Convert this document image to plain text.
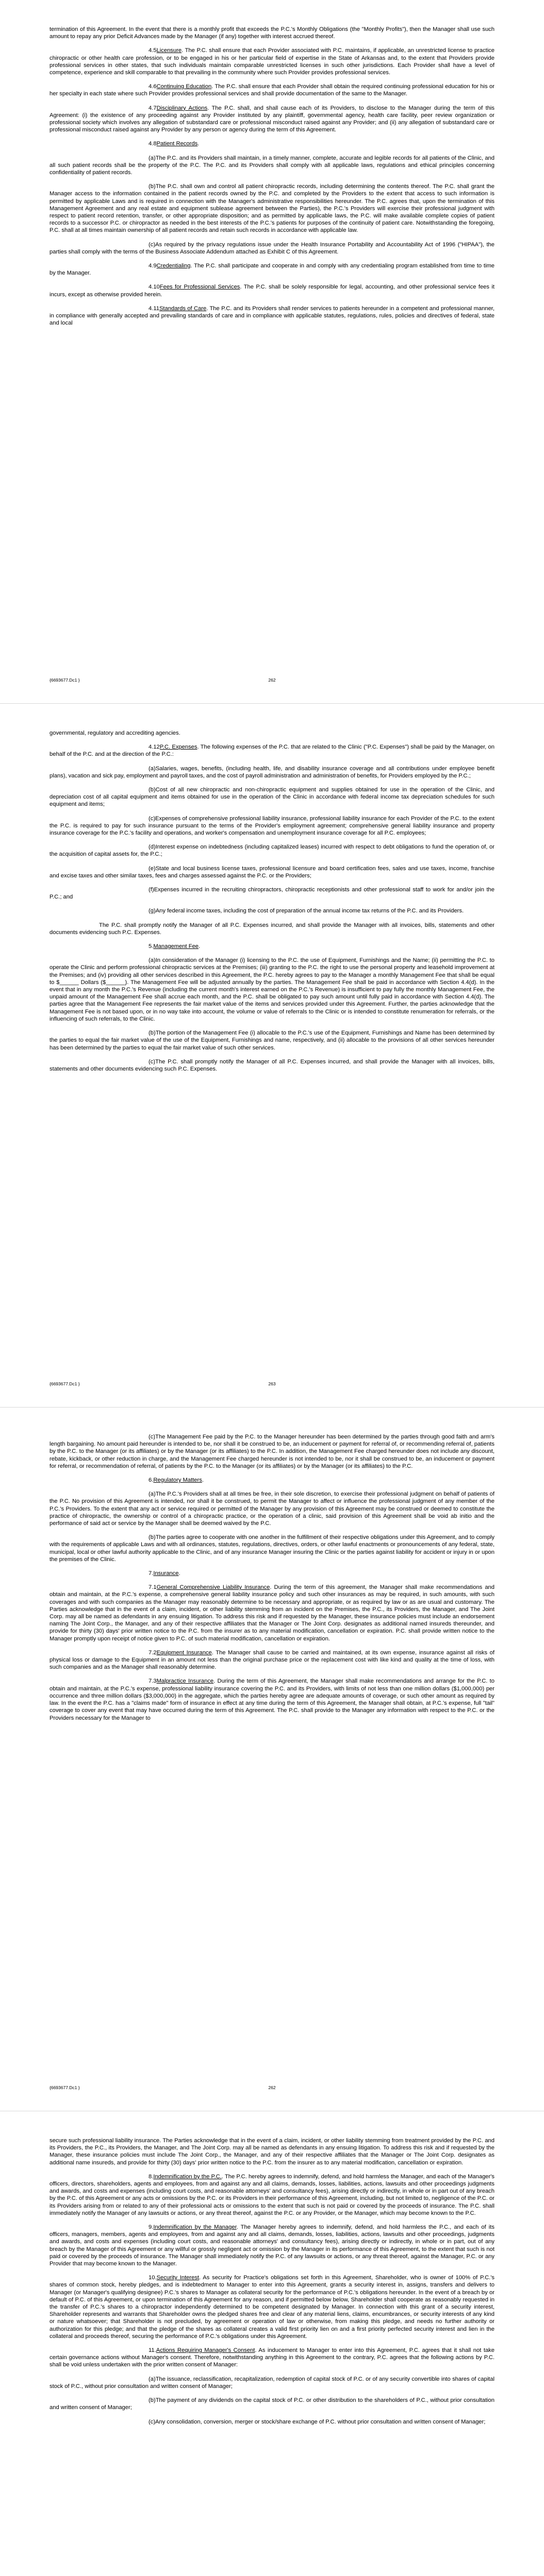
termination of this Agreement. In the event that there is a monthly profit that exceeds the P.C.'s Monthly Obligations (the "Monthly Profits"), then the Manager shall use such amount to repay any prior Deficit Advances made by the Manager (if any) together with interest accrued thereof.

4.5Licensure. The P.C. shall ensure that each Provider associated with P.C. maintains, if applicable, an unrestricted license to practice chiropractic or other health care profession, or to be engaged in his or her particular field of expertise in the State of Arkansas and, to the extent that Providers provide professional services in other states, that such individuals maintain comparable unrestricted licenses in such other jurisdictions. Each Provider shall have a level of competence, experience and skill comparable to that prevailing in the community where such Provider provides professional services.

4.6Continuing Education. The P.C. shall ensure that each Provider shall obtain the required continuing professional education for his or her specialty in each state where such Provider provides professional services and shall provide documentation of the same to the Manager.

4.7Disciplinary Actions. The P.C. shall, and shall cause each of its Providers, to disclose to the Manager during the term of this Agreement: (i) the existence of any proceeding against any Provider instituted by any plaintiff, governmental agency, health care facility, peer review organization or professional society which involves any allegation of substandard care or professional misconduct raised against any Provider; and (ii) any allegation of substandard care or professional misconduct raised against any Provider by any person or agency during the term of this Agreement.

4.8Patient Records.

(a)The P.C. and its Providers shall maintain, in a timely manner, complete, accurate and legible records for all patients of the Clinic, and all such patient records shall be the property of the P.C. The P.C. and its Providers shall comply with all applicable laws, regulations and ethical principles concerning confidentiality of patient records.

(b)The P.C. shall own and control all patient chiropractic records, including determining the contents thereof. The P.C. shall grant the Manager access to the information contained in the patient records owned by the P.C. and completed by the Providers to the extent that access to such information is permitted by applicable Laws and is required in connection with the Manager's administrative responsibilities hereunder. The P.C. agrees that, upon the termination of this Management Agreement and any real estate and equipment sublease agreement between the Parties), the P.C.'s Providers will exercise their professional judgment with respect to patient record retention, transfer, or other appropriate disposition; and as permitted by applicable laws, the P.C. will make available complete copies of patient records to a successor P.C. or chiropractor as needed in the best interests of the P.C.'s patients for purposes of the continuity of patient care. Notwithstanding the foregoing, P.C. shall at all times maintain ownership of all patient records and retain such records in accordance with applicable law.

(c)As required by the privacy regulations issue under the Health Insurance Portability and Accountability Act of 1996 ("HIPAA"), the parties shall comply with the terms of the Business Associate Addendum attached as Exhibit C of this Agreement.

4.9Credentialing. The P.C. shall participate and cooperate in and comply with any credentialing program established from time to time by the Manager.

4.10Fees for Professional Services. The P.C. shall be solely responsible for legal, accounting, and other professional service fees it incurs, except as otherwise provided herein.

4.11Standards of Care. The P.C. and its Providers shall render services to patients hereunder in a competent and professional manner, in compliance with generally accepted and prevailing standards of care and in compliance with applicable statutes, regulations, rules, policies and directives of federal, state and local

{6693677.Dc1 }	262

governmental, regulatory and accrediting agencies.

4.12P.C. Expenses. The following expenses of the P.C. that are related to the Clinic ("P.C. Expenses") shall be paid by the Manager, on behalf of the P.C. and at the direction of the P.C.:

(a)Salaries, wages, benefits, (including health, life, and disability insurance coverage and all contributions under employee benefit plans), vacation and sick pay, employment and payroll taxes, and the cost of payroll administration and administration of benefits, for Providers employed by the P.C.;

(b)Cost of all new chiropractic and non-chiropractic equipment and supplies obtained for use in the operation of the Clinic, and depreciation cost of all capital equipment and items obtained for use in the operation of the Clinic in accordance with federal income tax depreciation schedules for such equipment and items;

(c)Expenses of comprehensive professional liability insurance, professional liability insurance for each Provider of the P.C. to the extent the P.C. is required to pay for such insurance pursuant to the terms of the Provider's employment agreement; comprehensive general liability insurance and property insurance coverage for the P.C.'s facility and operations, and worker's compensation and unemployment insurance coverage for all P.C. employees;

(d)Interest expense on indebtedness (including capitalized leases) incurred with respect to debt obligations to fund the operation of, or the acquisition of capital assets for, the P.C.;

(e)State and local business license taxes, professional licensure and board certification fees, sales and use taxes, income, franchise and excise taxes and other similar taxes, fees and charges assessed against the P.C. or the Providers;

(f)Expenses incurred in the recruiting chiropractors, chiropractic receptionists and other professional staff to work for and/or join the P.C.; and

(g)Any federal income taxes, including the cost of preparation of the annual income tax returns of the P.C. and its Providers.

The P.C. shall promptly notify the Manager of all P.C. Expenses incurred, and shall provide the Manager with all invoices, bills, statements and other documents evidencing such P.C. Expenses.

5.Management Fee.

(a)In consideration of the Manager (i) licensing to the P.C. the use of Equipment, Furnishings and the Name; (ii) permitting the P.C. to operate the Clinic and perform professional chiropractic services at the Premises; (iii) granting to the P.C. the right to use the personal property and leasehold improvement at the Premises; and (iv) providing all other services described in this Agreement, the P.C. hereby agrees to pay to the Manager a monthly Management Fee that shall be equal to $______ Dollars ($______). The Management Fee will be adjusted annually by the parties. The Management Fee shall be paid in accordance with Section 4.4(d). In the event that in any month the P.C.'s Revenue (including the current month's interest earned on the P.C.'s Revenue) is insufficient to pay fully the monthly Management Fee, the unpaid amount of the Management Fee shall accrue each month, and the P.C. shall be obligated to pay such amount until fully paid in accordance with Section 4.4(d). The parties agree that the Management Fee represents the fair market value of the items and services provided under this Agreement. Further, the parties acknowledge that the Management Fee is not based upon, or in no way take into account, the volume or value of referrals to the Clinic or is intended to constitute renumeration for referrals, or the influencing of such referrals, to the Clinic.

(b)The portion of the Management Fee (i) allocable to the P.C.'s use of the Equipment, Furnishings and Name has been determined by the parties to equal the fair market value of the use of the Equipment, Furnishings and name, respectively, and (ii) allocable to the provisions of all other services hereunder has been determined by the parties to equal the fair market value of such other services.

(c)The P.C. shall promptly notify the Manager of all P.C. Expenses incurred, and shall provide the Manager with all invoices, bills, statements and other documents evidencing such P.C. Expenses.

{6693677.Dc1 }	263

(c)The Management Fee paid by the P.C. to the Manager hereunder has been determined by the parties through good faith and arm's length bargaining. No amount paid hereunder is intended to be, nor shall it be construed to be, an inducement or payment for referral of, or recommending referral of, patients by the P.C. to the Manager (or its affiliates) or by the Manager (or its affiliates) to the P.C. In addition, the Management Fee charged hereunder does not include any discount, rebate, kickback, or other reduction in charge, and the Management Fee charged hereunder is not intended to be, nor it shall be construed to be, an inducement or payment for referral, or recommendation of referral, of patients by the P.C. to the Manager (or its affiliates) or by the Manager (or its affiliates) to the P.C.

6.Regulatory Matters.

(a)The P.C.'s Providers shall at all times be free, in their sole discretion, to exercise their professional judgment on behalf of patients of the P.C. No provision of this Agreement is intended, nor shall it be construed, to permit the Manager to affect or influence the professional judgment of any member of the P.C.'s Providers. To the extent that any act or service required or permitted of the Manager by any provision of this Agreement may be construed or deemed to constitute the practice of chiropractic, the ownership or control of a chiropractic practice, or the operation of a clinic, said provision of this Agreement shall be void ab initio and the performance of said act or service by the Manager shall be deemed waived by the P.C.

(b)The parties agree to cooperate with one another in the fulfillment of their respective obligations under this Agreement, and to comply with the requirements of applicable Laws and with all ordinances, statutes, regulations, directives, orders, or other lawful enactments or pronouncements of any federal, state, municipal, local or other lawful authority applicable to the Clinic, and of any insurance Manager insuring the Clinic or the parties against liability for accident or injury in or upon the premises of the Clinic.

7.Insurance.

7.1General Comprehensive Liability Insurance. During the term of this agreement, the Manager shall make recommendations and obtain and maintain, at the P.C.'s expense, a comprehensive general liability insurance policy and such other insurances as may be required, in such amounts, with such coverages and with such companies as the Manager may reasonably determine to be necessary and appropriate, or as required by law or as are usual and customary. The Parties acknowledge that in the event of a claim, incident, or other liability stemming from an incident on the Premises, the P.C., its Providers, the Manager, and The Joint Corp. may all be named as defendants in any ensuing litigation. To address this risk and if requested by the Manager, these insurance policies must include an endorsement naming The Joint Corp., the Manager, and any of their respective affiliates that the Manager or The Joint Corp. designates as additional named insureds thereunder, and provide for thirty (30) days' prior written notice to the P.C. from the insurer as to any material modification, cancellation or expiration. P.C. shall provide written notice to the Manager promptly upon receipt of notice given to P.C. of such material modification, cancellation or expiration.

7.2Equipment Insurance. The Manager shall cause to be carried and maintained, at its own expense, insurance against all risks of physical loss or damage to the Equipment in an amount not less than the original purchase price or the replacement cost with like kind and quality at the time of loss, with such companies and as the Manager shall reasonably determine.

7.3Malpractice Insurance. During the term of this Agreement, the Manager shall make recommendations and arrange for the P.C. to obtain and maintain, at the P.C.'s expense, professional liability insurance covering the P.C. and its Providers, with limits of not less than one million dollars ($1,000,000) per occurrence and three million dollars ($3,000,000) in the aggregate, which the parties hereby agree are adequate amounts of coverage, or such other amount as required by law. In the event the P.C. has a "claims made" form of insurance in effect at any time during the term of this Agreement, the Manager shall obtain, at P.C.'s expense, full "tail" coverage to cover any event that may have occurred during the term of this Agreement. The P.C. shall provide to the Manager any information with respect to the P.C. or the Providers necessary for the Manager to

{6693677.Dc1 }	262

secure such professional liability insurance. The Parties acknowledge that in the event of a claim, incident, or other liability stemming from treatment provided by the P.C. and its Providers, the P.C., its Providers, the Manager, and The Joint Corp. may all be named as defendants in any ensuing litigation. To address this risk and if requested by the Manager, these insurance policies must include The Joint Corp., the Manager, and any of their respective affiliates that the Manager or The Joint Corp. designates as additional name insureds, and provide for thirty (30) days' prior written notice to the P.C. from the insurer as to any material modification, cancellation or expiration.

8.Indemnification by the P.C.. The P.C. hereby agrees to indemnify, defend, and hold harmless the Manager, and each of the Manager's officers, directors, shareholders, agents and employees, from and against any and all claims, demands, losses, liabilities, actions, lawsuits and other proceedings judgments and awards, and costs and expenses (including court costs, and reasonable attorneys' and consultancy fees), arising directly or indirectly, in whole or in part out of any breach by the P.C. of this Agreement or any acts or omissions by the P.C. or its Providers in their performance of this Agreement, including, but not limited to, negligence of the P.C. or its Providers arising from or related to any of their professional acts or omissions to the extent that such is not paid or covered by the proceeds of insurance. The P.C. shall immediately notify the Manager of any lawsuits or actions, or any threat thereof, against the P.C. or any Provider, or the Manager, which may become known to the P.C.

9.Indemnification by the Manager. The Manager hereby agrees to indemnify, defend, and hold harmless the P.C., and each of its officers, managers, members, agents and employees, from and against any and all claims, demands, losses, liabilities, actions, lawsuits and other proceedings, judgments and awards, and costs and expenses (including court costs, and reasonable attorneys' and consultancy fees), arising directly or indirectly, in whole or in part, out of any breach by the Manager of this Agreement or any willful or grossly negligent act or omission by the Manager in its performance of this Agreement, to the extent that such is not paid or covered by the proceeds of insurance. The Manager shall immediately notify the P.C. of any lawsuits or actions, or any threat thereof, against the Manager, P.C. or any Provider that may become known to the Manager.

10.Security Interest. As security for Practice's obligations set forth in this Agreement, Shareholder, who is owner of 100% of P.C.'s shares of common stock, hereby pledges, and is indebtedment to Manager to enter into this Agreement, grants a security interest in, assigns, transfers and delivers to Manager (or Manager's qualifying designee) P.C.'s shares to Manager as collateral security for the performance of P.C.'s obligations hereunder. In the event of a breach by or default of P.C. of this Agreement, or upon termination of this Agreement for any reason, and if permitted below below, Shareholder shall cooperate as reasonably requested in the transfer of P.C.'s shares to a chiropractor independently determined to be competent designated by Manager. In connection with this grant of a security interest, Shareholder represents and warrants that Shareholder owns the pledged shares free and clear of any material liens, claims, encumbrances, or security interests of any kind or nature whatsoever; that Shareholder is not precluded, by agreement or operation of law or otherwise, from making this pledge, and needs no further authority or authorization for this pledge; and that the pledge of the shares as collateral creates a valid first priority lien on and a first priority perfected security interest and lien in the collateral and proceeds thereof, securing the performance of P.C.'s obligations under this Agreement.

11.Actions Requiring Manager's Consent. As inducement to Manager to enter into this Agreement, P.C. agrees that it shall not take certain governance actions without Manager's consent. Therefore, notwithstanding anything in this Agreement to the contrary, P.C. agrees that the following actions by P.C. shall be void unless undertaken with the prior written consent of Manager:

(a)The issuance, reclassification, recapitalization, redemption of capital stock of P.C. or of any security convertible into shares of capital stock of P.C., without prior consultation and written consent of Manager;

(b)The payment of any dividends on the capital stock of P.C. or other distribution to the shareholders of P.C., without prior consultation and written consent of Manager;

(c)Any consolidation, conversion, merger or stock/share exchange of P.C. without prior consultation and written consent of Manager;
